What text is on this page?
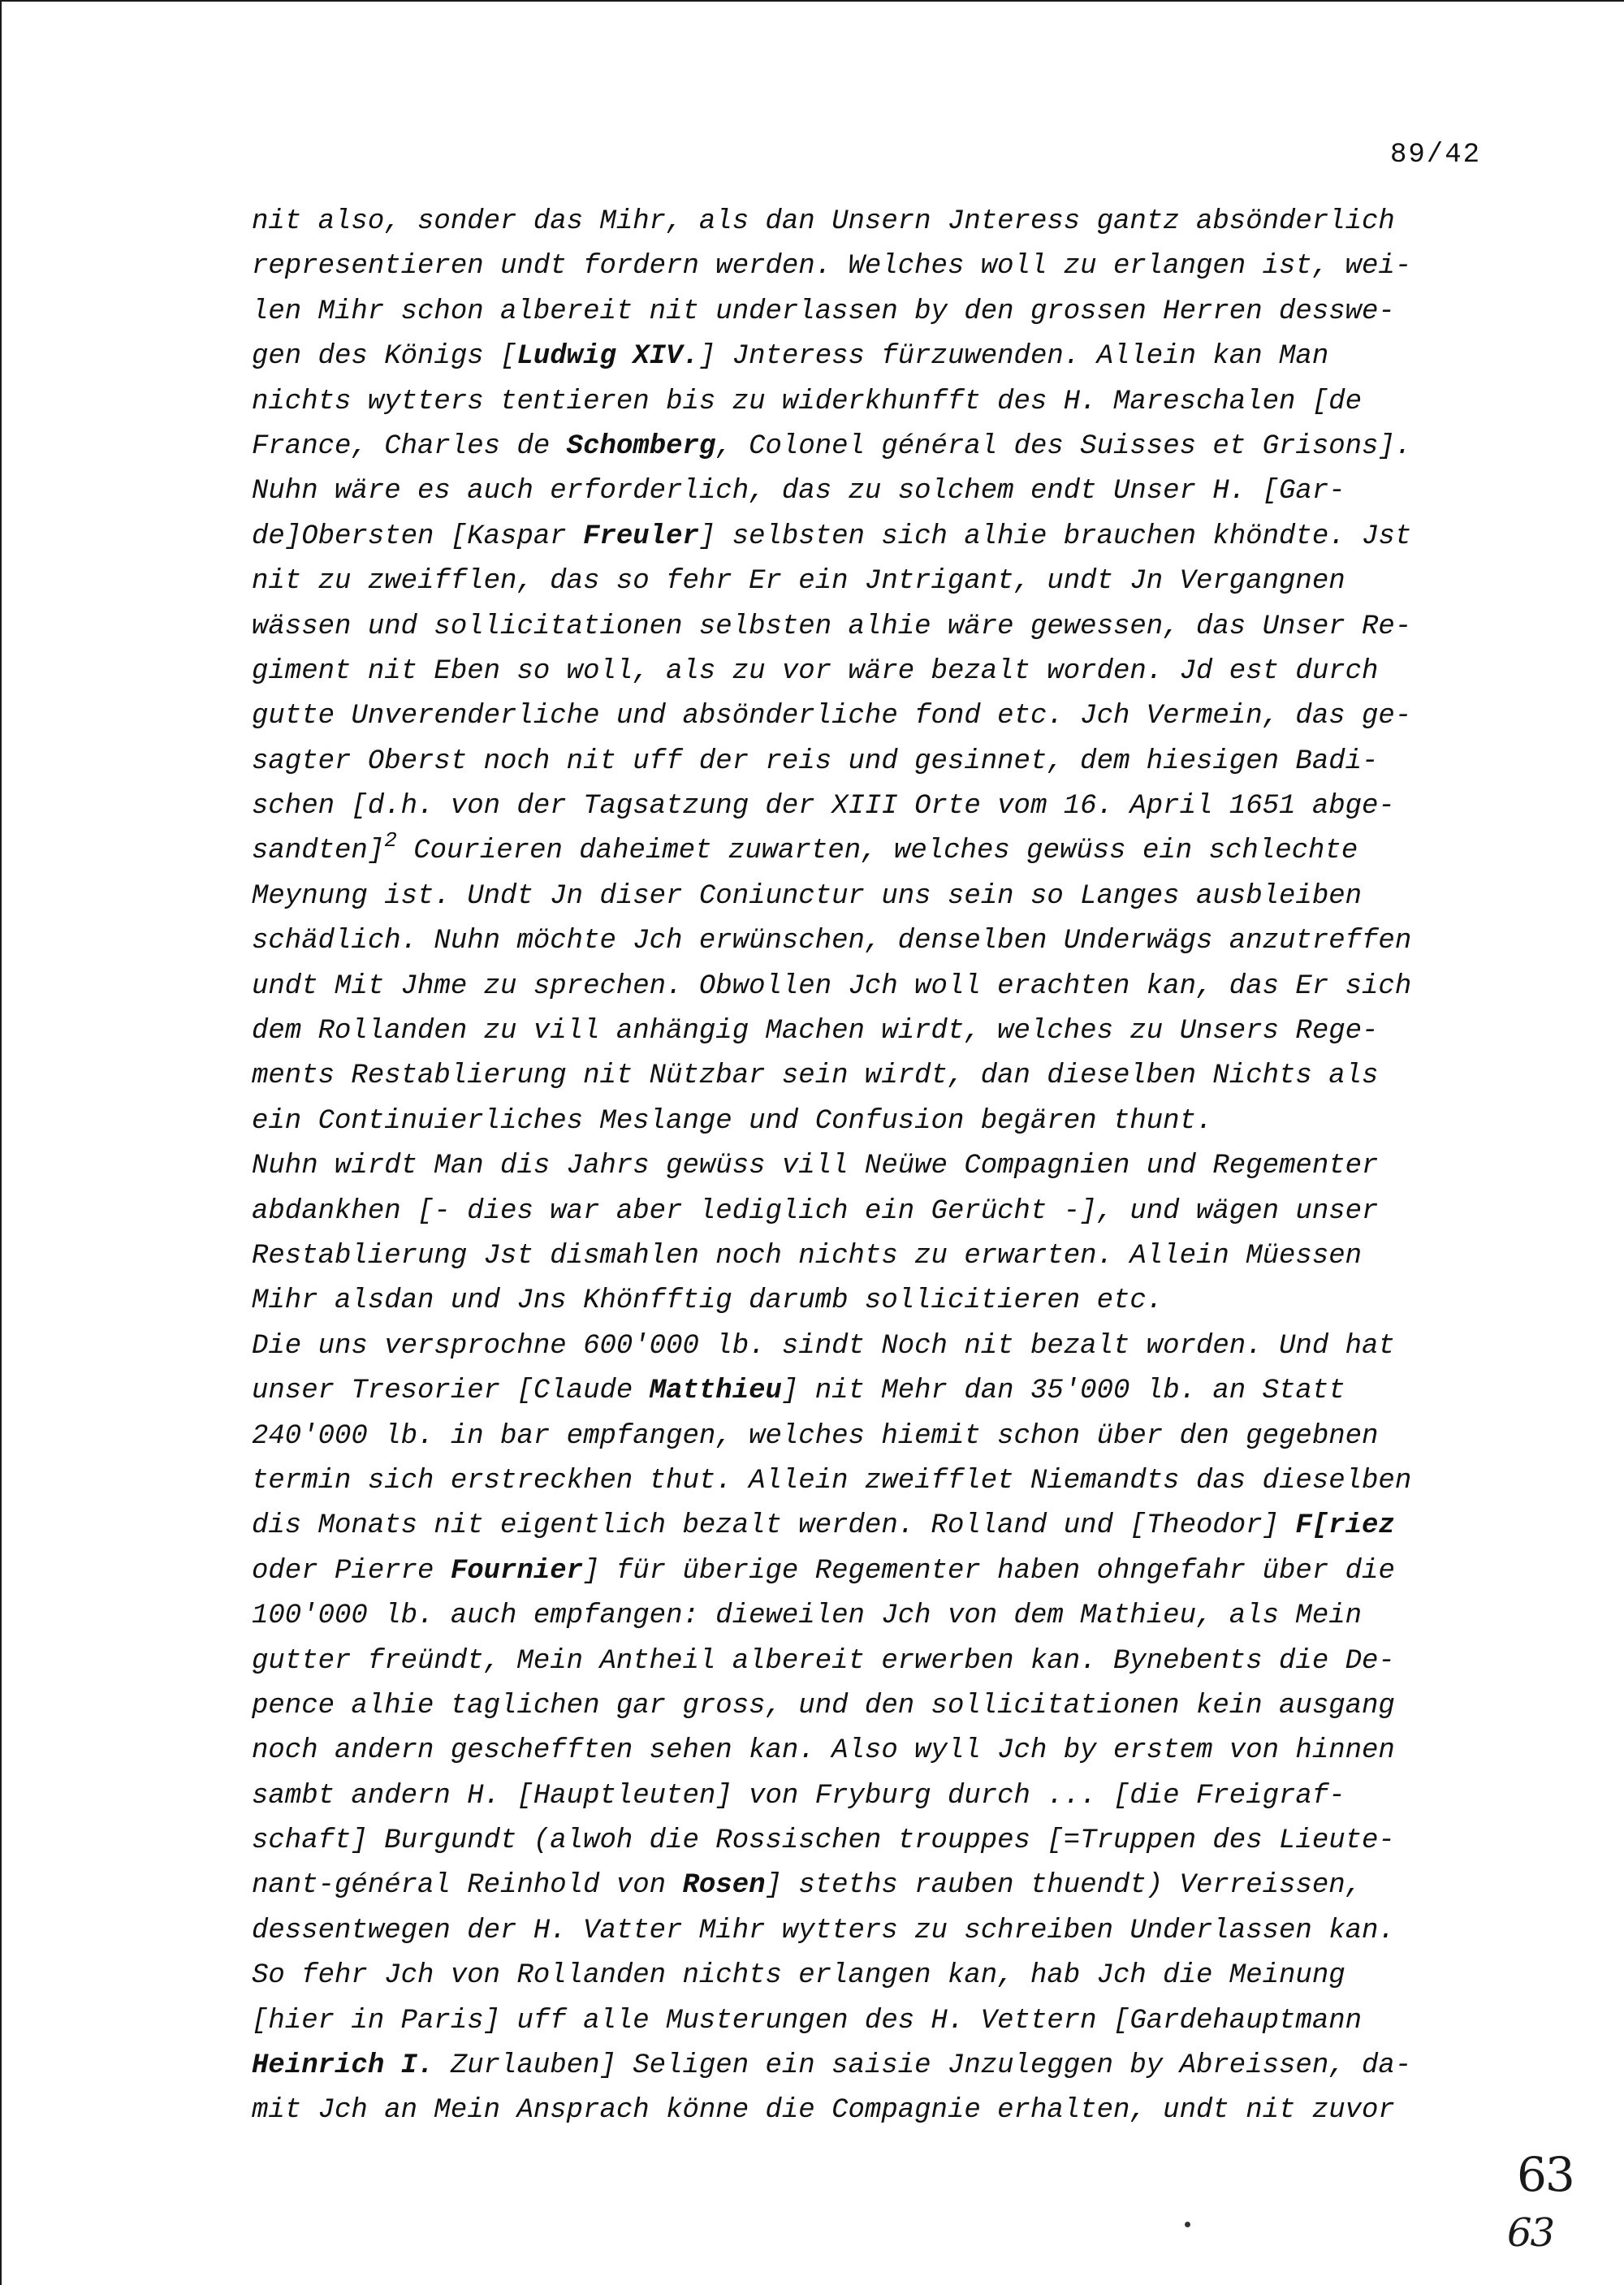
89/42
nit also, sonder das Mihr, als dan Unsern Jnteress gantz absönderlich
representieren undt fordern werden. Welches woll zu erlangen ist, wei-
len Mihr schon albereit nit underlassen by den grossen Herren desswe-
gen des Königs [Ludwig XIV.] Jnteress fürzuwenden. Allein kan Man
nichts wytters tentieren bis zu widerkhunfft des H. Mareschalen [de
France, Charles de Schomberg, Colonel général des Suisses et Grisons].
Nuhn wäre es auch erforderlich, das zu solchem endt Unser H. [Gar-
de]Obersten [Kaspar Freuler] selbsten sich alhie brauchen khöndte. Jst
nit zu zweifflen, das so fehr Er ein Jntrigant, undt Jn Vergangnen
wässen und sollicitationen selbsten alhie wäre gewessen, das Unser Re-
giment nit Eben so woll, als zu vor wäre bezalt worden. Jd est durch
gutte Unverenderliche und absönderliche fond etc. Jch Vermein, das ge-
sagter Oberst noch nit uff der reis und gesinnet, dem hiesigen Badi-
schen [d.h. von der Tagsatzung der XIII Orte vom 16. April 1651 abge-
sandten]$^2$ Courieren daheimet zuwarten, welches gewüss ein schlechte
Meynung ist. Undt Jn diser Coniunctur uns sein so Langes ausbleiben
schädlich. Nuhn möchte Jch erwünschen, denselben Underwägs anzutreffen
undt Mit Jhme zu sprechen. Obwollen Jch woll erachten kan, das Er sich
dem Rollanden zu vill anhängig Machen wirdt, welches zu Unsers Rege-
ments Restablierung nit Nützbar sein wirdt, dan dieselben Nichts als
ein Continuierliches Meslange und Confusion begären thunt.
Nuhn wirdt Man dis Jahrs gewüss vill Neüwe Compagnien und Regementer
abdankhen [- dies war aber lediglich ein Gerücht -], und wägen unser
Restablierung Jst dismahlen noch nichts zu erwarten. Allein Müessen
Mihr alsdan und Jns Khönfftig darumb sollicitieren etc.
Die uns versprochne 600'000 lb. sindt Noch nit bezalt worden. Und hat
unser Tresorier [Claude Matthieu] nit Mehr dan 35'000 lb. an Statt
240'000 lb. in bar empfangen, welches hiemit schon über den gegebnen
termin sich erstreckhen thut. Allein zweifflet Niemandts das dieselben
dis Monats nit eigentlich bezalt werden. Rolland und [Theodor] F[riez
oder Pierre Fournier] für überige Regementer haben ohngefahr über die
100'000 lb. auch empfangen: dieweilen Jch von dem Mathieu, als Mein
gutter freündt, Mein Antheil albereit erwerben kan. Bynebents die De-
pence alhie taglichen gar gross, und den sollicitationen kein ausgang
noch andern geschefften sehen kan. Also wyll Jch by erstem von hinnen
sambt andern H. [Hauptleuten] von Fryburg durch ... [die Freigraf-
schaft] Burgundt (alwoh die Rossischen trouppes [=Truppen des Lieute-
nant-général Reinhold von Rosen] steths rauben thuendt) Verreissen,
dessentwegen der H. Vatter Mihr wytters zu schreiben Underlassen kan.
So fehr Jch von Rollanden nichts erlangen kan, hab Jch die Meinung
[hier in Paris] uff alle Musterungen des H. Vettern [Gardehauptmann
Heinrich I. Zurlauben] Seligen ein saisie Jnzuleggen by Abreissen, da-
mit Jch an Mein Ansprach könne die Compagnie erhalten, undt nit zuvor
63
63
